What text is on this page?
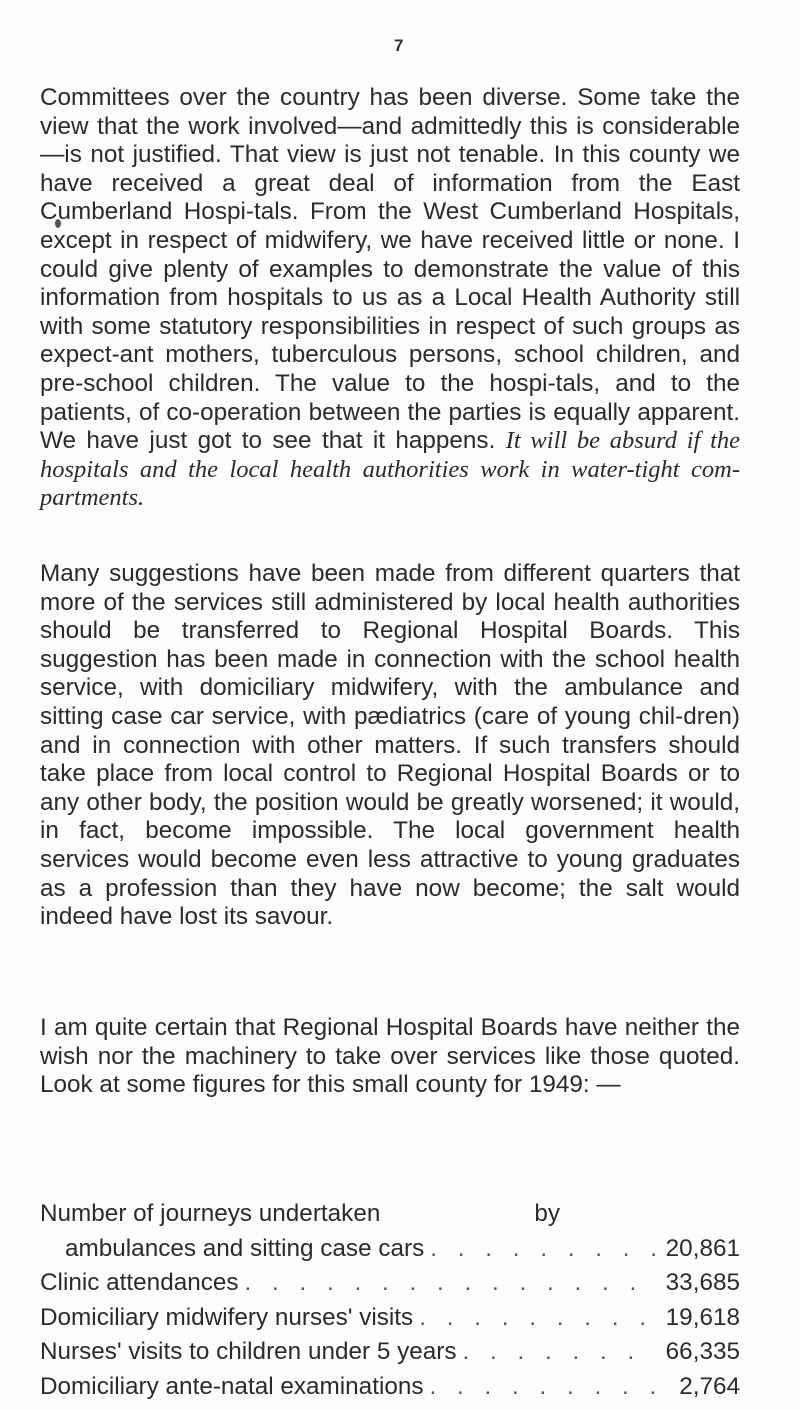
7

Committees over the country has been diverse. Some take the view that the work involved—and admittedly this is considerable—is not justified. That view is just not tenable. In this county we have received a great deal of information from the East Cumberland Hospi-tals. From the West Cumberland Hospitals, except in respect of midwifery, we have received little or none. I could give plenty of examples to demonstrate the value of this information from hospitals to us as a Local Health Authority still with some statutory responsibilities in respect of such groups as expect-ant mothers, tuberculous persons, school children, and pre-school children. The value to the hospi-tals, and to the patients, of co-operation between the parties is equally apparent. We have just got to see that it happens. It will be absurd if the hospitals and the local health authorities work in water-tight com-partments.

Many suggestions have been made from different quarters that more of the services still administered by local health authorities should be transferred to Regional Hospital Boards. This suggestion has been made in connection with the school health service, with domiciliary midwifery, with the ambulance and sitting case car service, with pædiatrics (care of young chil-dren) and in connection with other matters. If such transfers should take place from local control to Regional Hospital Boards or to any other body, the position would be greatly worsened; it would, in fact, become impossible. The local government health services would become even less attractive to young graduates as a profession than they have now become; the salt would indeed have lost its savour.

I am quite certain that Regional Hospital Boards have neither the wish nor the machinery to take over services like those quoted. Look at some figures for this small county for 1949: —

Number of journeys undertaken	by
ambulances and sitting case cars . . .	20,861
Clinic attendances . . .	33,685
Domiciliary midwifery nurses' visits . . .	19,618
Nurses' visits to children under 5 years . . .	66,335
Domiciliary ante-natal examinations . . .	2,764
